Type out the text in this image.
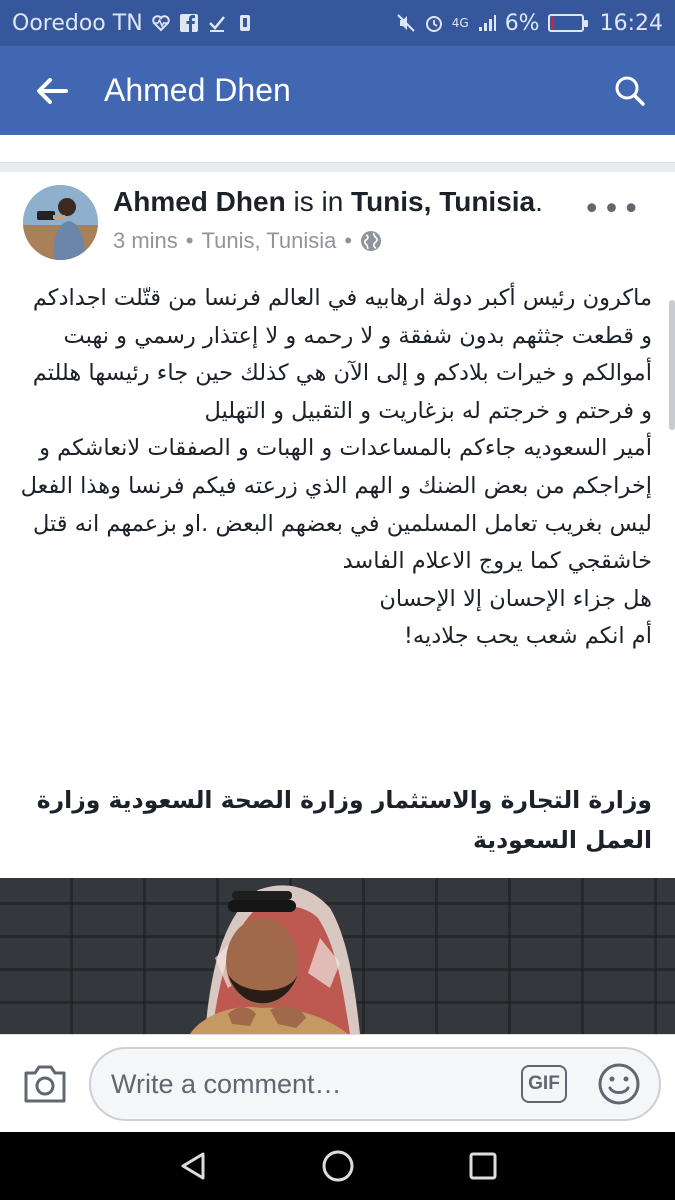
Ooredoo TN	4G 6%	16:24
Ahmed Dhen
Ahmed Dhen is in Tunis, Tunisia.
3 mins • Tunis, Tunisia •
•••
ماكرون رئيس أكبر دولة ارهابيه في العالم فرنسا من قتّلت اجدادكم و قطعت جثثهم بدون شفقة و لا رحمه و لا إعتذار رسمي و نهبت أموالكم و خيرات بلادكم و إلى الآن هي كذلك حين جاء رئيسها هللتم و فرحتم و خرجتم له بزغاريت و التقبيل و التهليل
أمير السعوديه جاءكم بالمساعدات و الهبات و الصفقات لانعاشكم و إخراجكم من بعض الضنك و الهم الذي زرعته فيكم فرنسا وهذا الفعل ليس بغريب تعامل المسلمين في بعضهم البعض .او بزعمهم انه قتل خاشقجي كما يروج الاعلام الفاسد
هل جزاء الإحسان إلا الإحسان
أم انكم شعب يحب جلاديه!
وزارة التجارة والاستثمار وزارة الصحة السعودية وزارة العمل السعودية
Write a comment…	GIF
